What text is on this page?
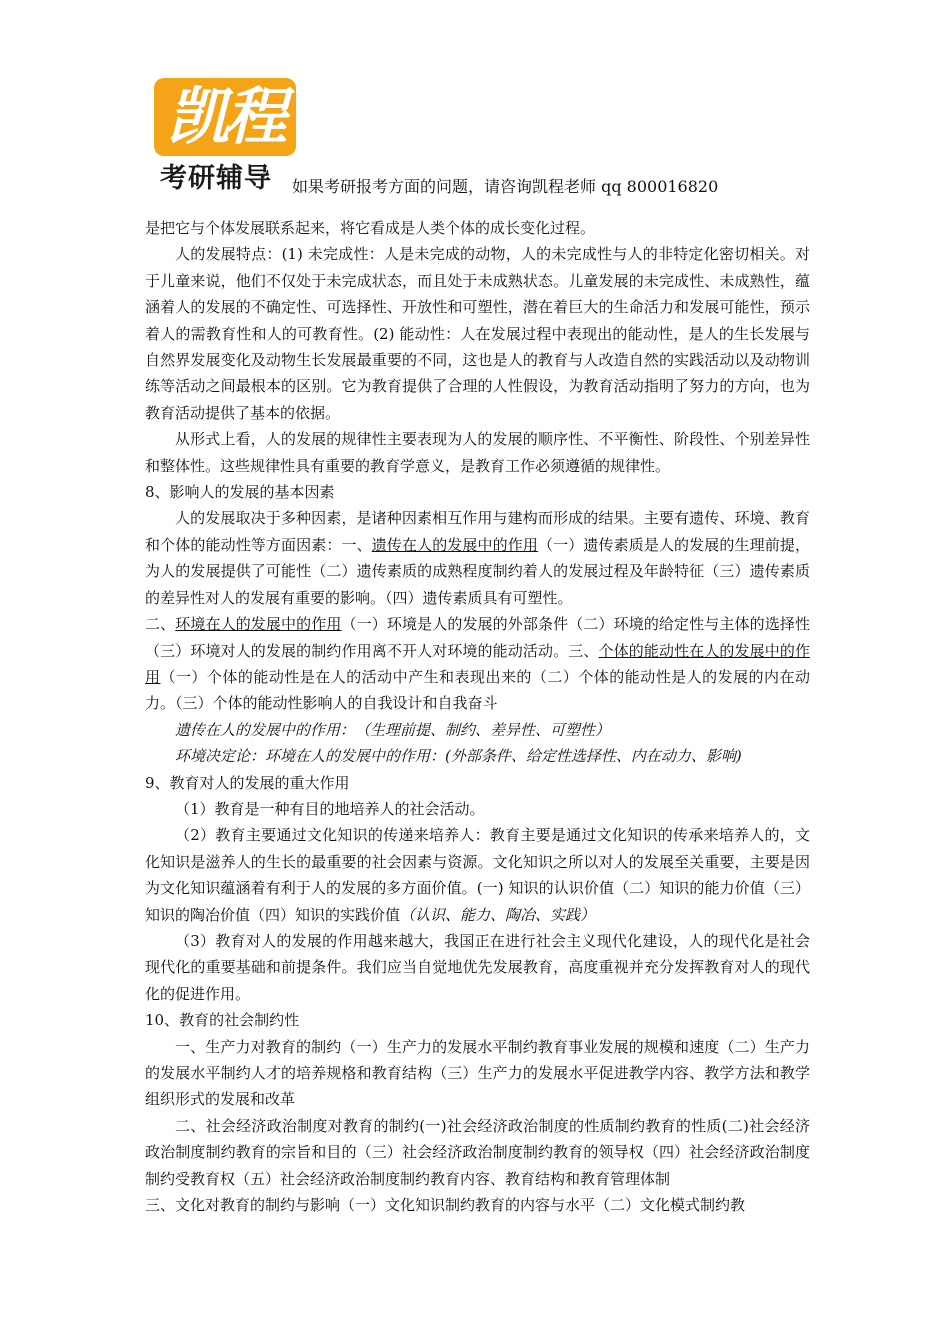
凯程
考研辅导	如果考研报考方面的问题，请咨询凯程老师 qq 800016820

是把它与个体发展联系起来，将它看成是人类个体的成长变化过程。

人的发展特点：(1) 未完成性：人是未完成的动物，人的未完成性与人的非特定化密切相关。对于儿童来说，他们不仅处于未完成状态，而且处于未成熟状态。儿童发展的未完成性、未成熟性，蕴涵着人的发展的不确定性、可选择性、开放性和可塑性，潜在着巨大的生命活力和发展可能性，预示着人的需教育性和人的可教育性。(2) 能动性：人在发展过程中表现出的能动性，是人的生长发展与自然界发展变化及动物生长发展最重要的不同，这也是人的教育与人改造自然的实践活动以及动物训练等活动之间最根本的区别。它为教育提供了合理的人性假设，为教育活动指明了努力的方向，也为教育活动提供了基本的依据。

从形式上看，人的发展的规律性主要表现为人的发展的顺序性、不平衡性、阶段性、个别差异性和整体性。这些规律性具有重要的教育学意义，是教育工作必须遵循的规律性。

8、影响人的发展的基本因素

人的发展取决于多种因素，是诸种因素相互作用与建构而形成的结果。主要有遗传、环境、教育和个体的能动性等方面因素：一、遗传在人的发展中的作用（一）遗传素质是人的发展的生理前提，为人的发展提供了可能性（二）遗传素质的成熟程度制约着人的发展过程及年龄特征（三）遗传素质的差异性对人的发展有重要的影响。（四）遗传素质具有可塑性。

二、环境在人的发展中的作用（一）环境是人的发展的外部条件（二）环境的给定性与主体的选择性（三）环境对人的发展的制约作用离不开人对环境的能动活动。三、个体的能动性在人的发展中的作用（一）个体的能动性是在人的活动中产生和表现出来的（二）个体的能动性是人的发展的内在动力。（三）个体的能动性影响人的自我设计和自我奋斗

遗传在人的发展中的作用：　（生理前提、制约、差异性、可塑性）

环境决定论：环境在人的发展中的作用：(外部条件、给定性选择性、内在动力、影响)

9、教育对人的发展的重大作用

（1）教育是一种有目的地培养人的社会活动。

（2）教育主要通过文化知识的传递来培养人：教育主要是通过文化知识的传承来培养人的，文化知识是滋养人的生长的最重要的社会因素与资源。文化知识之所以对人的发展至关重要，主要是因为文化知识蕴涵着有利于人的发展的多方面价值。(一) 知识的认识价值（二）知识的能力价值（三）知识的陶冶价值（四）知识的实践价值（认识、能力、陶冶、实践）

（3）教育对人的发展的作用越来越大，我国正在进行社会主义现代化建设，人的现代化是社会现代化的重要基础和前提条件。我们应当自觉地优先发展教育，高度重视并充分发挥教育对人的现代化的促进作用。

10、教育的社会制约性

一、生产力对教育的制约（一）生产力的发展水平制约教育事业发展的规模和速度（二）生产力的发展水平制约人才的培养规格和教育结构（三）生产力的发展水平促进教学内容、教学方法和教学组织形式的发展和改革

二、社会经济政治制度对教育的制约(一)社会经济政治制度的性质制约教育的性质(二)社会经济政治制度制约教育的宗旨和目的（三）社会经济政治制度制约教育的领导权（四）社会经济政治制度制约受教育权（五）社会经济政治制度制约教育内容、教育结构和教育管理体制

三、文化对教育的制约与影响（一）文化知识制约教育的内容与水平（二）文化模式制约教
